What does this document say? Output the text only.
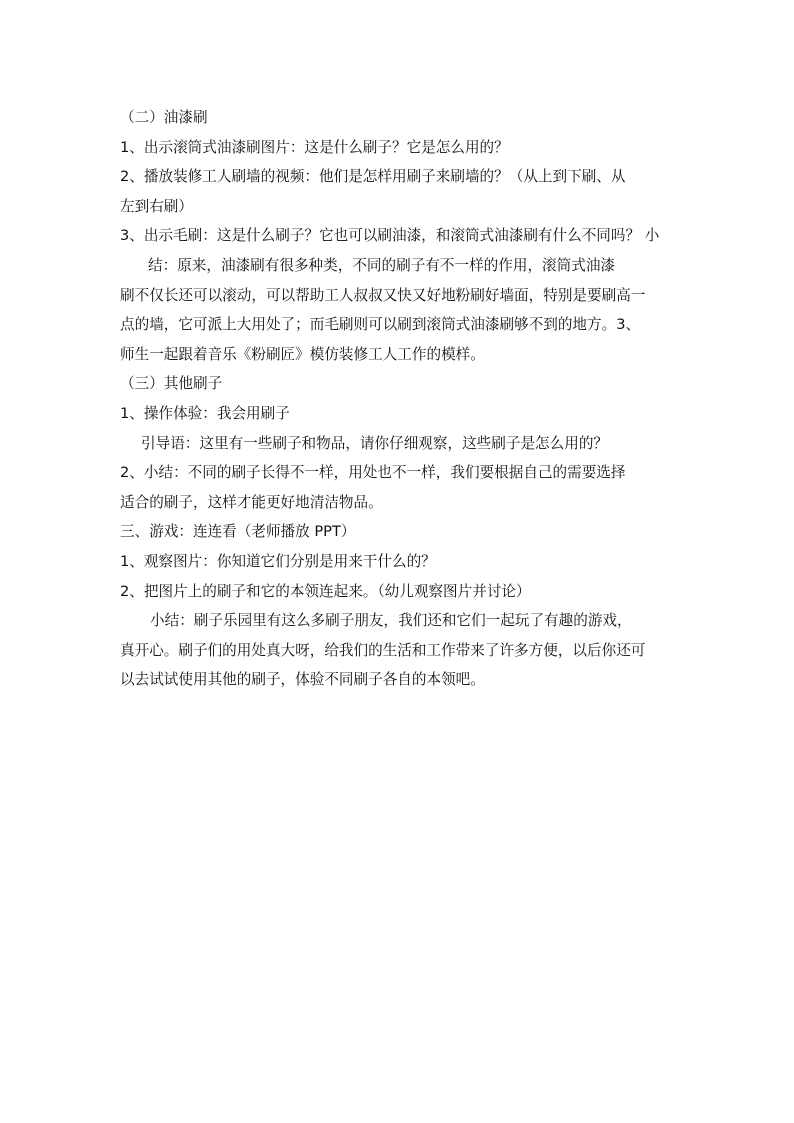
（二）油漆刷
1、出示滚筒式油漆刷图片：这是什么刷子？它是怎么用的？
2、播放装修工人刷墙的视频：他们是怎样用刷子来刷墙的？（从上到下刷、从
左到右刷）
3、出示毛刷：这是什么刷子？它也可以刷油漆，和滚筒式油漆刷有什么不同吗？ 小
结：原来，油漆刷有很多种类，不同的刷子有不一样的作用，滚筒式油漆
刷不仅长还可以滚动，可以帮助工人叔叔又快又好地粉刷好墙面，特别是要刷高一
点的墙，它可派上大用处了；而毛刷则可以刷到滚筒式油漆刷够不到的地方。3、
师生一起跟着音乐《粉刷匠》模仿装修工人工作的模样。
（三）其他刷子
1、操作体验：我会用刷子
引导语：这里有一些刷子和物品，请你仔细观察，这些刷子是怎么用的？
2、小结：不同的刷子长得不一样，用处也不一样，我们要根据自己的需要选择
适合的刷子，这样才能更好地清洁物品。
三、游戏：连连看（老师播放 PPT）
1、观察图片：你知道它们分别是用来干什么的？
2、把图片上的刷子和它的本领连起来。（幼儿观察图片并讨论）
小结：刷子乐园里有这么多刷子朋友，我们还和它们一起玩了有趣的游戏，
真开心。刷子们的用处真大呀，给我们的生活和工作带来了许多方便，以后你还可
以去试试使用其他的刷子，体验不同刷子各自的本领吧。
